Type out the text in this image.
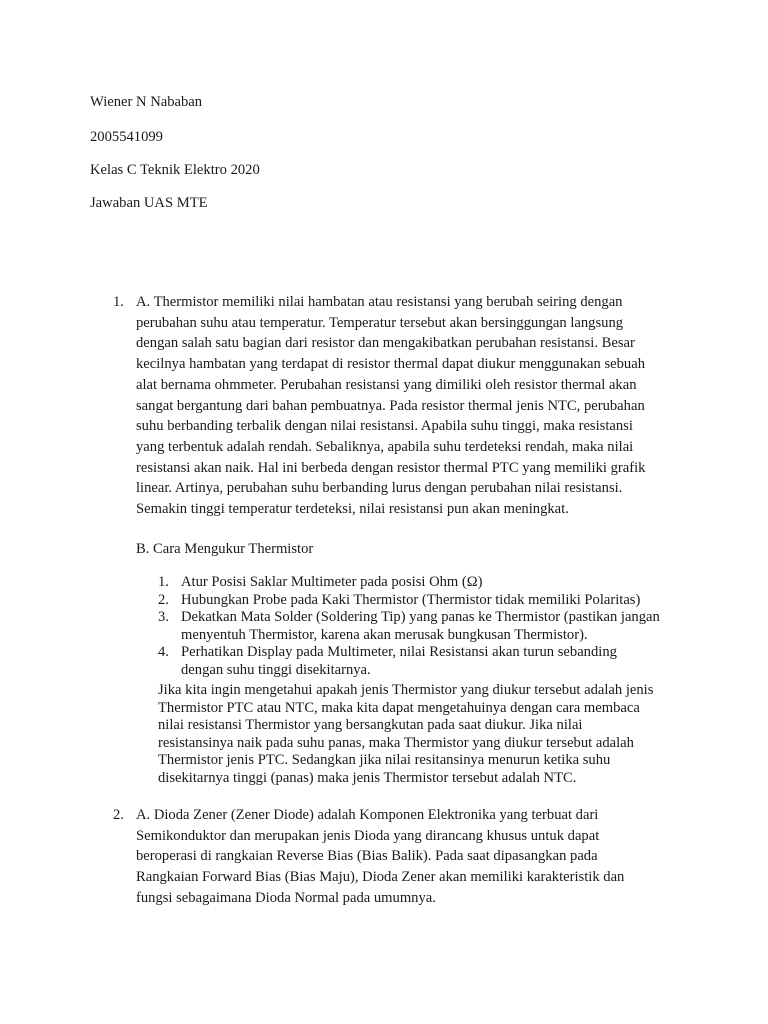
Wiener N Nababan
2005541099
Kelas C Teknik Elektro 2020
Jawaban UAS MTE
1. A. Thermistor memiliki nilai hambatan atau resistansi yang berubah seiring dengan
perubahan suhu atau temperatur. Temperatur tersebut akan bersinggungan langsung
dengan salah satu bagian dari resistor dan mengakibatkan perubahan resistansi. Besar
kecilnya hambatan yang terdapat di resistor thermal dapat diukur menggunakan sebuah
alat bernama ohmmeter. Perubahan resistansi yang dimiliki oleh resistor thermal akan
sangat bergantung dari bahan pembuatnya. Pada resistor thermal jenis NTC, perubahan
suhu berbanding terbalik dengan nilai resistansi. Apabila suhu tinggi, maka resistansi
yang terbentuk adalah rendah. Sebaliknya, apabila suhu terdeteksi rendah, maka nilai
resistansi akan naik. Hal ini berbeda dengan resistor thermal PTC yang memiliki grafik
linear. Artinya, perubahan suhu berbanding lurus dengan perubahan nilai resistansi.
Semakin tinggi temperatur terdeteksi, nilai resistansi pun akan meningkat.
B. Cara Mengukur Thermistor
1. Atur Posisi Saklar Multimeter pada posisi Ohm (Ω)
2. Hubungkan Probe pada Kaki Thermistor (Thermistor tidak memiliki Polaritas)
3. Dekatkan Mata Solder (Soldering Tip) yang panas ke Thermistor (pastikan jangan
menyentuh Thermistor, karena akan merusak bungkusan Thermistor).
4. Perhatikan Display pada Multimeter, nilai Resistansi akan turun sebanding
dengan suhu tinggi disekitarnya.
Jika kita ingin mengetahui apakah jenis Thermistor yang diukur tersebut adalah jenis
Thermistor PTC atau NTC, maka kita dapat mengetahuinya dengan cara membaca
nilai resistansi Thermistor yang bersangkutan pada saat diukur. Jika nilai
resistansinya naik pada suhu panas, maka Thermistor yang diukur tersebut adalah
Thermistor jenis PTC. Sedangkan jika nilai resitansinya menurun ketika suhu
disekitarnya tinggi (panas) maka jenis Thermistor tersebut adalah NTC.
2. A. Dioda Zener (Zener Diode) adalah Komponen Elektronika yang terbuat dari
Semikonduktor dan merupakan jenis Dioda yang dirancang khusus untuk dapat
beroperasi di rangkaian Reverse Bias (Bias Balik). Pada saat dipasangkan pada
Rangkaian Forward Bias (Bias Maju), Dioda Zener akan memiliki karakteristik dan
fungsi sebagaimana Dioda Normal pada umumnya.
